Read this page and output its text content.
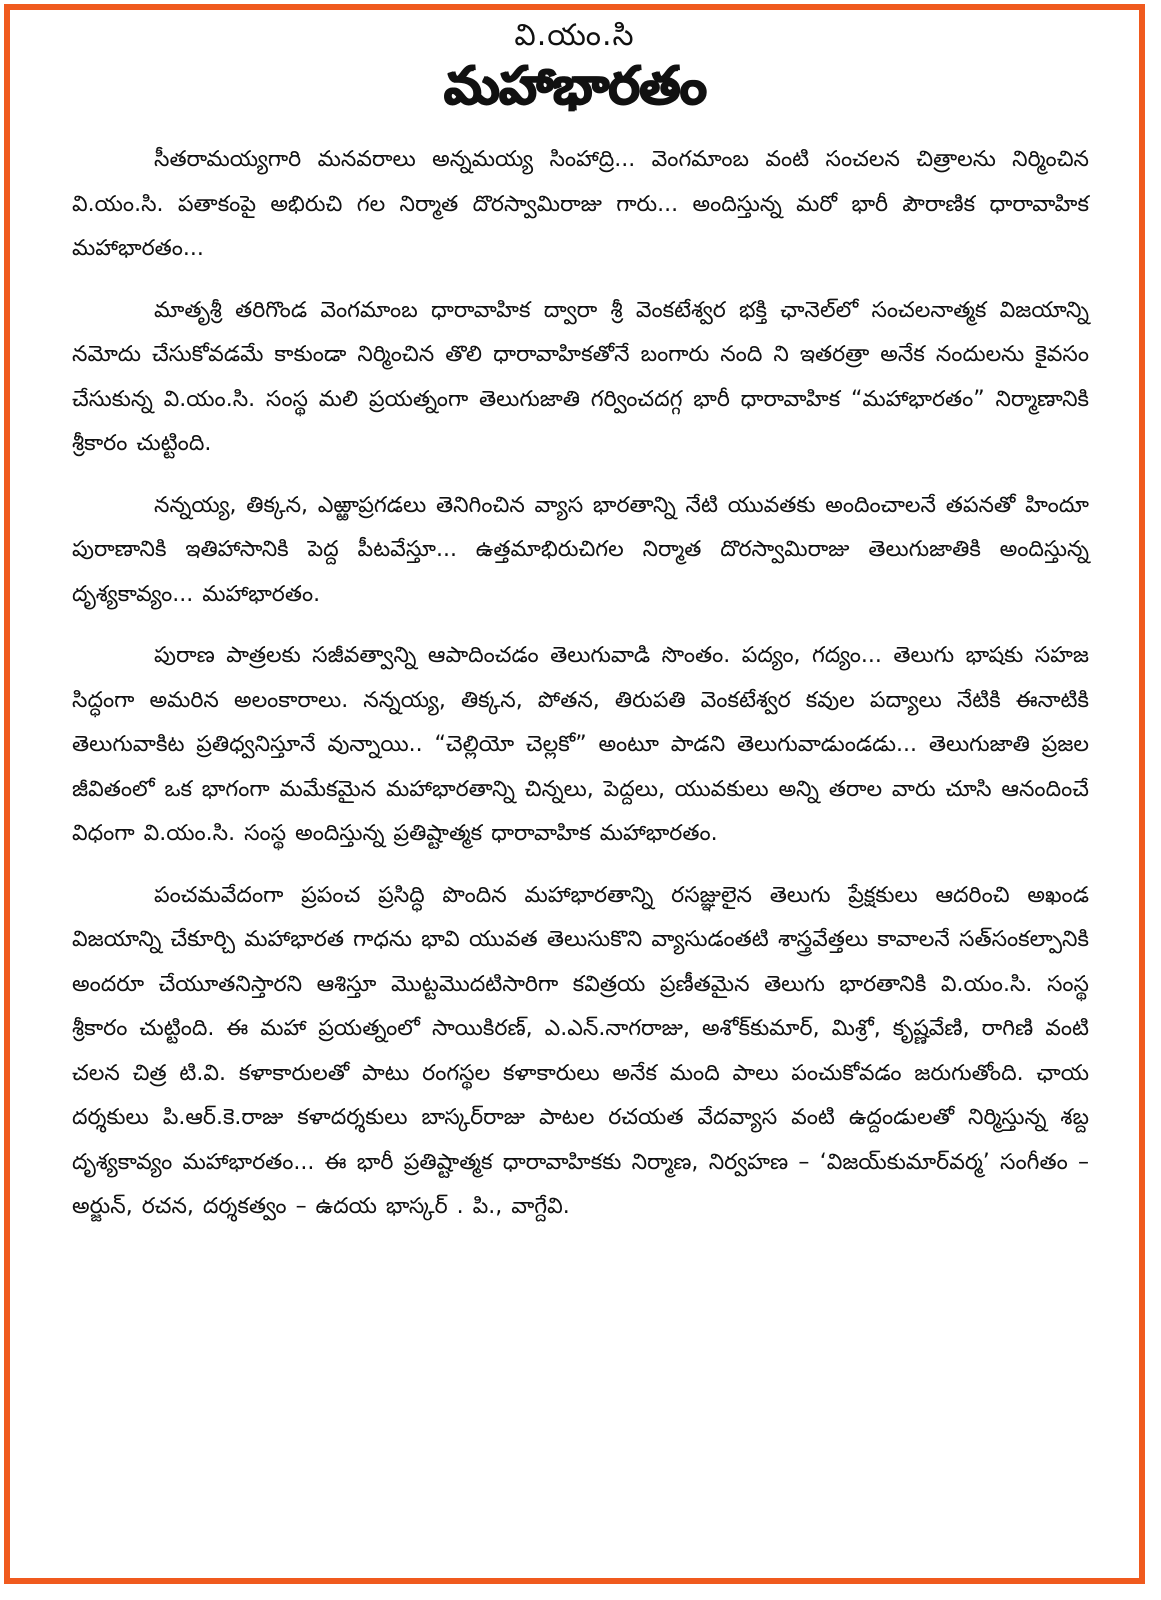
వి.యం.సి
మహాభారతం

సీతరామయ్యగారి మనవరాలు అన్నమయ్య సింహాద్రి... వెంగమాంబ వంటి సంచలన చిత్రాలను నిర్మించిన వి.యం.సి. పతాకంపై అభిరుచి గల నిర్మాత దొరస్వామిరాజు గారు... అందిస్తున్న మరో భారీ పౌరాణిక ధారావాహిక మహాభారతం...

మాతృశ్రీ తరిగొండ వెంగమాంబ ధారావాహిక ద్వారా శ్రీ వెంకటేశ్వర భక్తి ఛానెల్‌లో సంచలనాత్మక విజయాన్ని నమోదు చేసుకోవడమే కాకుండా నిర్మించిన తొలి ధారావాహికతోనే బంగారు నంది ని ఇతరత్రా అనేక నందులను కైవసం చేసుకున్న వి.యం.సి. సంస్థ మలి ప్రయత్నంగా తెలుగుజాతి గర్వించదగ్గ భారీ ధారావాహిక “మహాభారతం” నిర్మాణానికి శ్రీకారం చుట్టింది.

నన్నయ్య, తిక్కన, ఎఱ్ఱాప్రగడలు తెనిగించిన వ్యాస భారతాన్ని నేటి యువతకు అందించాలనే తపనతో హిందూ పురాణానికి ఇతిహాసానికి పెద్ద పీటవేస్తూ... ఉత్తమాభిరుచిగల నిర్మాత దొరస్వామిరాజు తెలుగుజాతికి అందిస్తున్న దృశ్యకావ్యం... మహాభారతం.

పురాణ పాత్రలకు సజీవత్వాన్ని ఆపాదించడం తెలుగువాడి సొంతం. పద్యం, గద్యం... తెలుగు భాషకు సహజ సిద్ధంగా అమరిన అలంకారాలు. నన్నయ్య, తిక్కన, పోతన, తిరుపతి వెంకటేశ్వర కవుల పద్యాలు నేటికి ఈనాటికి తెలుగువాకిట ప్రతిధ్వనిస్తూనే వున్నాయి.. “చెల్లియో చెల్లకో” అంటూ పాడని తెలుగువాడుండడు... తెలుగుజాతి ప్రజల జీవితంలో ఒక భాగంగా మమేకమైన మహాభారతాన్ని చిన్నలు, పెద్దలు, యువకులు అన్ని తరాల వారు చూసి ఆనందించే విధంగా వి.యం.సి. సంస్థ అందిస్తున్న ప్రతిష్టాత్మక ధారావాహిక మహాభారతం.

పంచమవేదంగా ప్రపంచ ప్రసిద్ధి పొందిన మహాభారతాన్ని రసజ్ఞులైన తెలుగు ప్రేక్షకులు ఆదరించి అఖండ విజయాన్ని చేకూర్చి మహాభారత గాధను భావి యువత తెలుసుకొని వ్యాసుడంతటి శాస్త్రవేత్తలు కావాలనే సత్‌సంకల్పానికి అందరూ చేయూతనిస్తారని ఆశిస్తూ మొట్టమొదటిసారిగా కవిత్రయ ప్రణీతమైన తెలుగు భారతానికి వి.యం.సి. సంస్థ శ్రీకారం చుట్టింది. ఈ మహా ప్రయత్నంలో సాయికిరణ్, ఎ.ఎన్.నాగరాజు, అశోక్‌కుమార్, మిశ్రో, కృష్ణవేణి, రాగిణి వంటి చలన చిత్ర టి.వి. కళాకారులతో పాటు రంగస్థల కళాకారులు అనేక మంది పాలు పంచుకోవడం జరుగుతోంది. ఛాయ దర్శకులు పి.ఆర్.కె.రాజు కళాదర్శకులు బాస్కర్‌రాజు పాటల రచయత వేదవ్యాస వంటి ఉద్దండులతో నిర్మిస్తున్న శబ్ద దృశ్యకావ్యం మహాభారతం... ఈ భారీ ప్రతిష్టాత్మక ధారావాహికకు నిర్మాణ, నిర్వహణ – ‘విజయ్‌కుమార్‌వర్మ’ సంగీతం – అర్జున్, రచన, దర్శకత్వం – ఉదయ భాస్కర్ . పి., వాగ్దేవి.
